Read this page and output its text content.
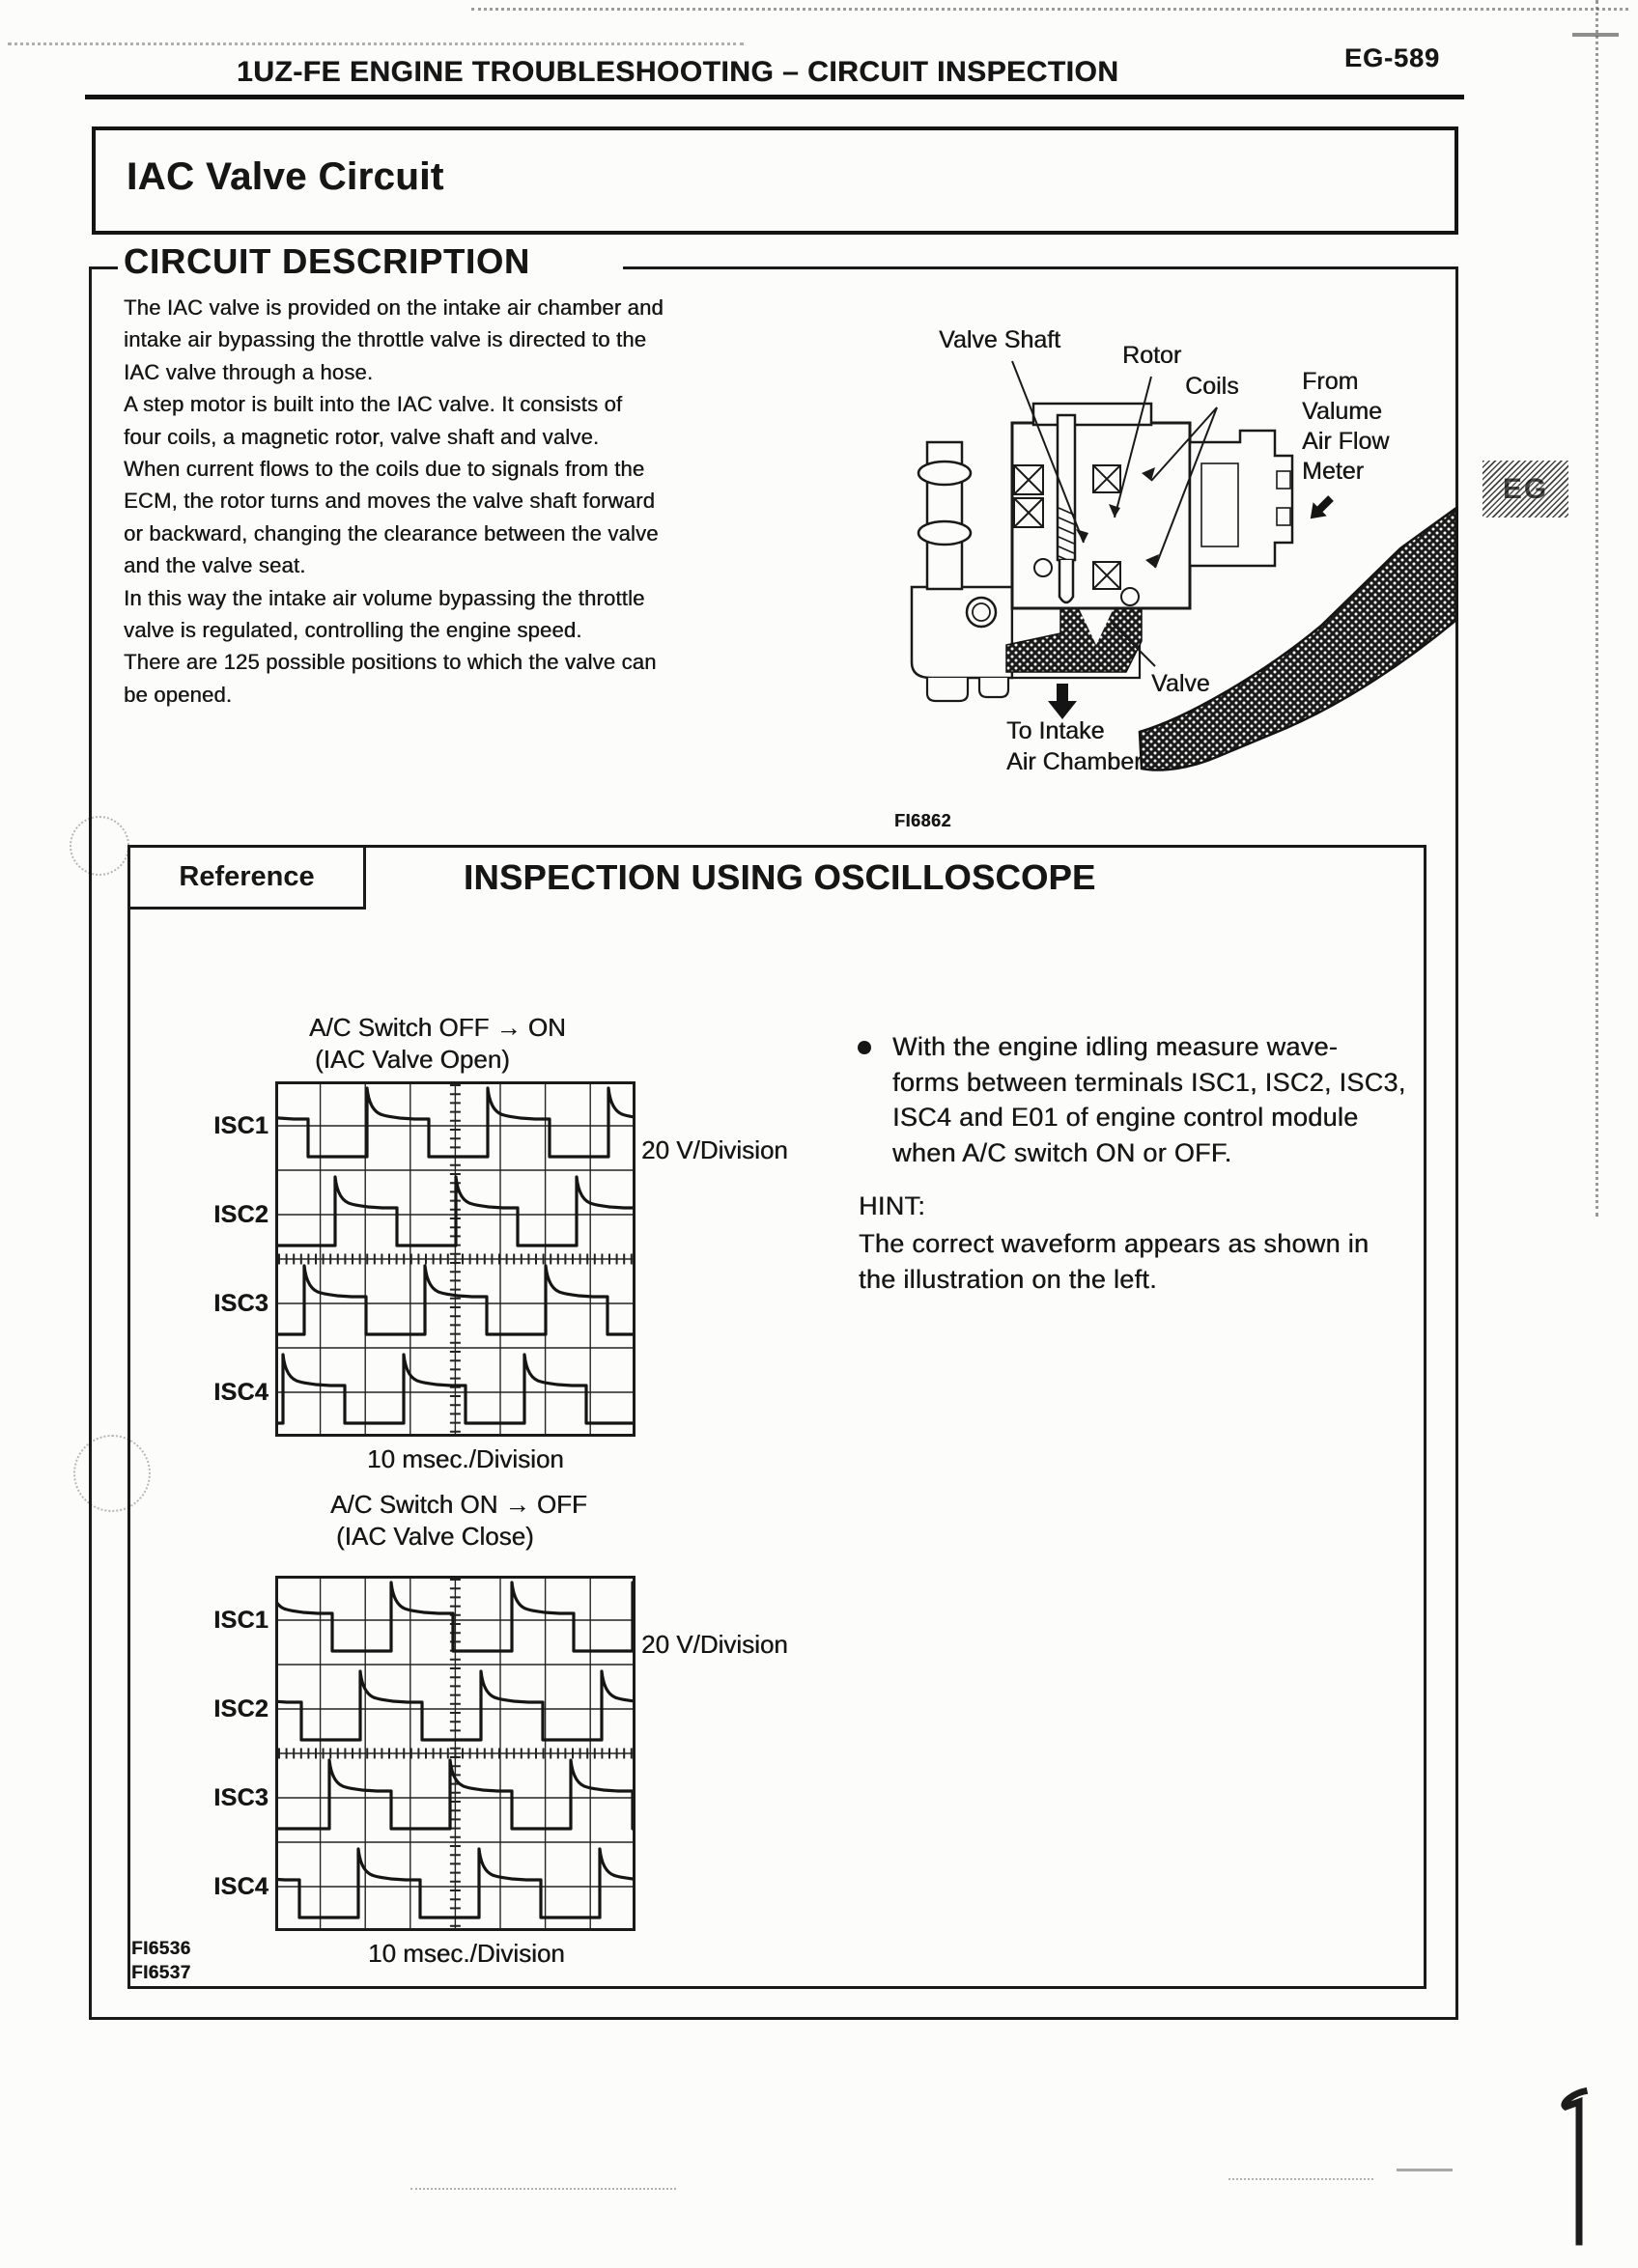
1UZ-FE ENGINE TROUBLESHOOTING – CIRCUIT INSPECTION	EG-589
EG
IAC Valve Circuit
CIRCUIT DESCRIPTION
The IAC valve is provided on the intake air chamber and
intake air bypassing the throttle valve is directed to the
IAC valve through a hose.
A step motor is built into the IAC valve. It consists of
four coils, a magnetic rotor, valve shaft and valve.
When current flows to the coils due to signals from the
ECM, the rotor turns and moves the valve shaft forward
or backward, changing the clearance between the valve
and the valve seat.
In this way the intake air volume bypassing the throttle
valve is regulated, controlling the engine speed.
There are 125 possible positions to which the valve can
be opened.
Valve Shaft
Rotor
Coils	From
Valume
Air Flow
Meter
Valve
To Intake
Air Chamber
FI6862
Reference	INSPECTION USING OSCILLOSCOPE
A/C Switch OFF → ON
(IAC Valve Open)
ISC1
ISC2
ISC3
ISC4
20 V/Division
10 msec./Division
A/C Switch ON → OFF
(IAC Valve Close)
ISC1
ISC2
ISC3
ISC4
20 V/Division
10 msec./Division
With the engine idling measure wave-
forms between terminals ISC1, ISC2, ISC3,
ISC4 and E01 of engine control module
when A/C switch ON or OFF.
HINT:
The correct waveform appears as shown in
the illustration on the left.
FI6536
FI6537
